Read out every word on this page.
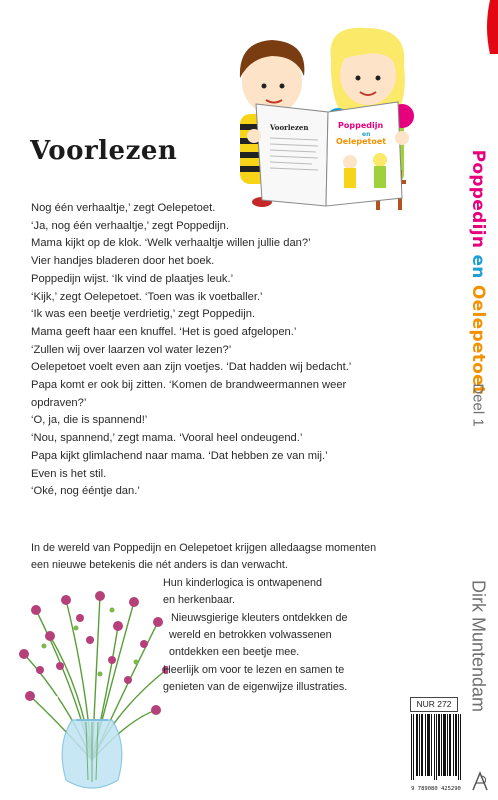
Voorlezen	Poppedijn
en
Oelepetoet
Voorlezen
Nog één verhaaltje,’ zegt Oelepetoet.
‘Ja, nog één verhaaltje,’ zegt Poppedijn.
Mama kijkt op de klok. ‘Welk verhaaltje willen jullie dan?’
Vier handjes bladeren door het boek.
Poppedijn wijst. ‘Ik vind de plaatjes leuk.’
‘Kijk,’ zegt Oelepetoet. ‘Toen was ik voetballer.’
‘Ik was een beetje verdrietig,’ zegt Poppedijn.
Mama geeft haar een knuffel. ‘Het is goed afgelopen.’
‘Zullen wij over laarzen vol water lezen?’
Oelepetoet voelt even aan zijn voetjes. ‘Dat hadden wij bedacht.’
Papa komt er ook bij zitten. ‘Komen de brandweermannen weer
opdraven?’
‘O, ja, die is spannend!’
‘Nou, spannend,’ zegt mama. ‘Vooral heel ondeugend.’
Papa kijkt glimlachend naar mama. ‘Dat hebben ze van mij.’
Even is het stil.
‘Oké, nog ééntje dan.’
In de wereld van Poppedijn en Oelepetoet krijgen alledaagse momenten
een nieuwe betekenis die nét anders is dan verwacht.
Hun kinderlogica is ontwapenend
en herkenbaar.
Nieuwsgierige kleuters ontdekken de
wereld en betrokken volwassenen
ontdekken een beetje mee.
Heerlijk om voor te lezen en samen te
genieten van de eigenwijze illustraties.
NUR 272
9 789080 425290
Poppedijn en Oelepetoet
Deel 1
Dirk Muntendam
